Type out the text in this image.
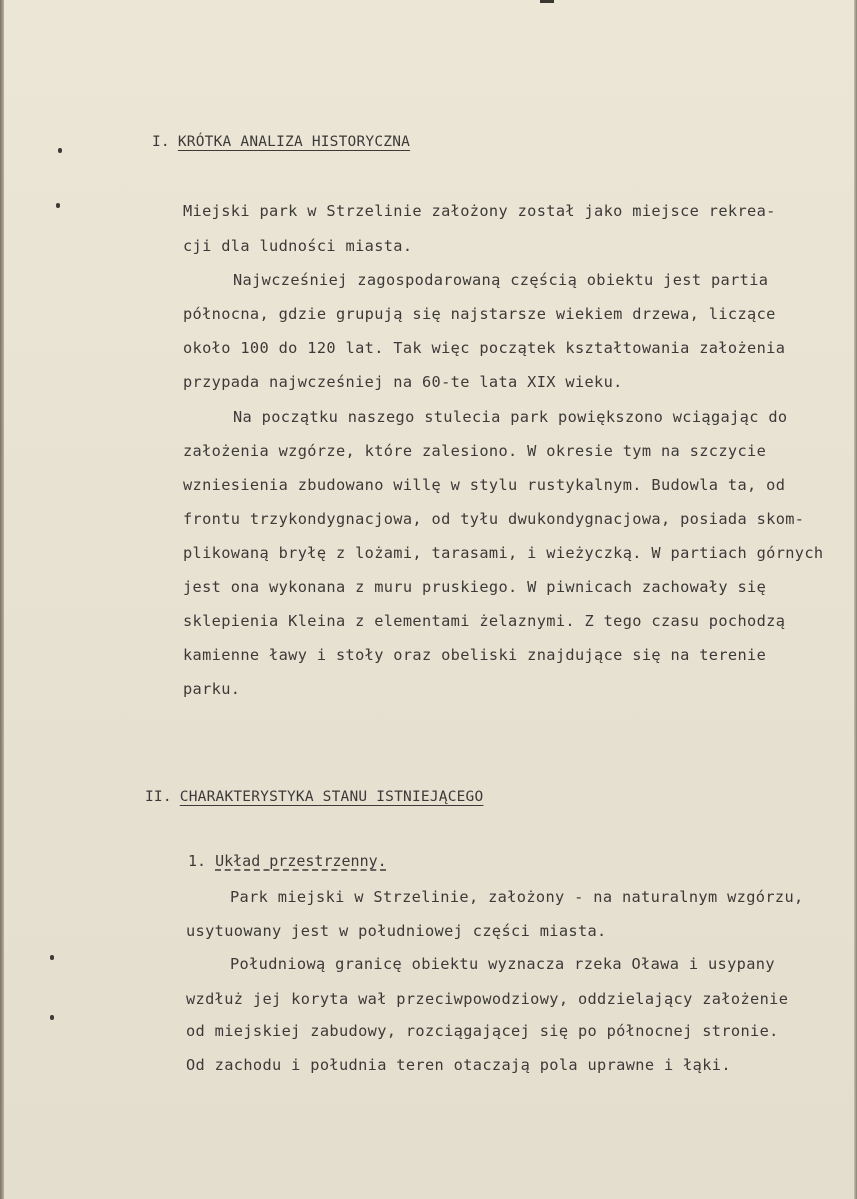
I. KRÓTKA ANALIZA HISTORYCZNA
Miejski park w Strzelinie założony został jako miejsce rekrea-
cji dla ludności miasta.
Najwcześniej zagospodarowaną częścią obiektu jest partia
północna, gdzie grupują się najstarsze wiekiem drzewa, liczące
około 100 do 120 lat. Tak więc początek kształtowania założenia
przypada najwcześniej na 60-te lata XIX wieku.
Na początku naszego stulecia park powiększono wciągając do
założenia wzgórze, które zalesiono. W okresie tym na szczycie
wzniesienia zbudowano willę w stylu rustykalnym. Budowla ta, od
frontu trzykondygnacjowa, od tyłu dwukondygnacjowa, posiada skom-
plikowaną bryłę z lożami, tarasami, i wieżyczką. W partiach górnych
jest ona wykonana z muru pruskiego. W piwnicach zachowały się
sklepienia Kleina z elementami żelaznymi. Z tego czasu pochodzą
kamienne ławy i stoły oraz obeliski znajdujące się na terenie
parku.
II. CHARAKTERYSTYKA STANU ISTNIEJĄCEGO
1. Układ przestrzenny.
Park miejski w Strzelinie, założony - na naturalnym wzgórzu,
usytuowany jest w południowej części miasta.
Południową granicę obiektu wyznacza rzeka Oława i usypany
wzdłuż jej koryta wał przeciwpowodziowy, oddzielający założenie
od miejskiej zabudowy, rozciągającej się po północnej stronie.
Od zachodu i południa teren otaczają pola uprawne i łąki.
